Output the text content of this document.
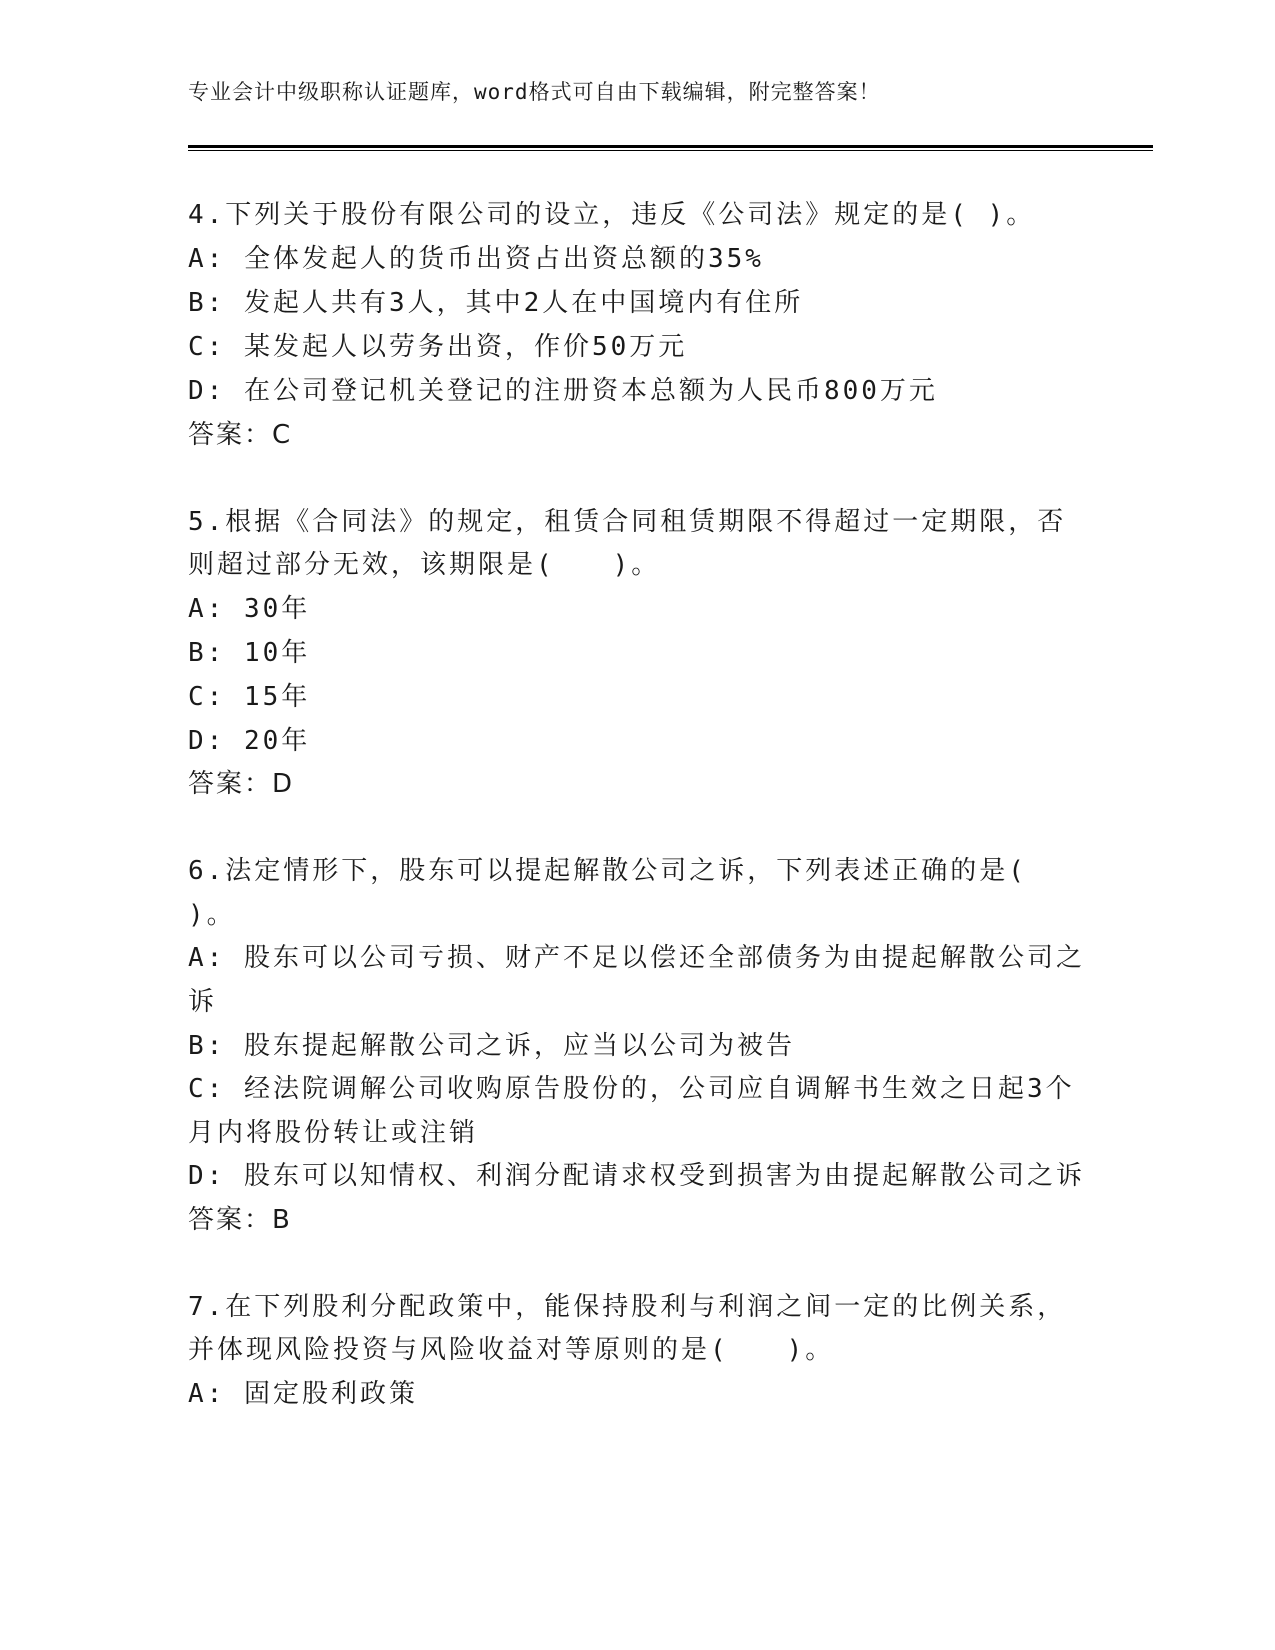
专业会计中级职称认证题库，word格式可自由下载编辑，附完整答案！
4.下列关于股份有限公司的设立，违反《公司法》规定的是( )。
A: 全体发起人的货币出资占出资总额的35%
B: 发起人共有3人，其中2人在中国境内有住所
C: 某发起人以劳务出资，作价50万元
D: 在公司登记机关登记的注册资本总额为人民币800万元
答案：C
5.根据《合同法》的规定，租赁合同租赁期限不得超过一定期限，否
则超过部分无效，该期限是(　　)。
A: 30年
B: 10年
C: 15年
D: 20年
答案：D
6.法定情形下，股东可以提起解散公司之诉，下列表述正确的是(
)。
A: 股东可以公司亏损、财产不足以偿还全部债务为由提起解散公司之
诉
B: 股东提起解散公司之诉，应当以公司为被告
C: 经法院调解公司收购原告股份的，公司应自调解书生效之日起3个
月内将股份转让或注销
D: 股东可以知情权、利润分配请求权受到损害为由提起解散公司之诉
答案：B
7.在下列股利分配政策中，能保持股利与利润之间一定的比例关系，
并体现风险投资与风险收益对等原则的是(　　)。
A: 固定股利政策
